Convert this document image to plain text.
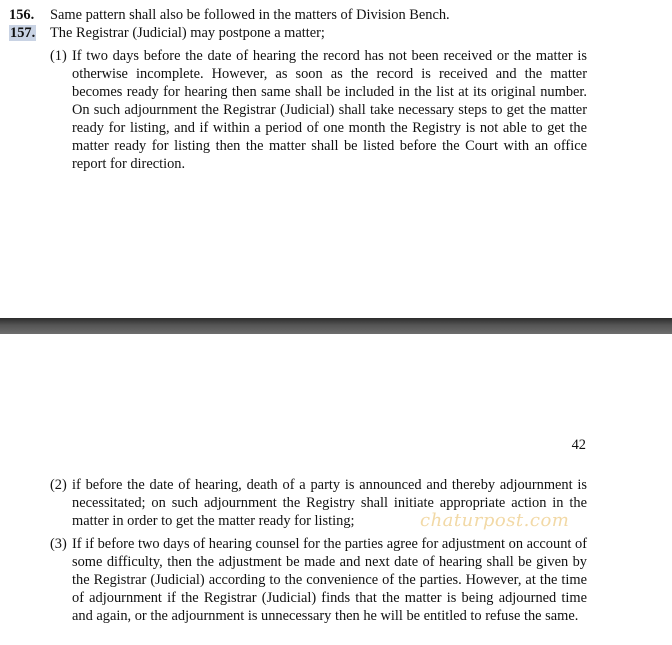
156. Same pattern shall also be followed in the matters of Division Bench.
157. The Registrar (Judicial) may postpone a matter;
(1) If two days before the date of hearing the record has not been received or the matter is otherwise incomplete. However, as soon as the record is received and the matter becomes ready for hearing then same shall be included in the list at its original number. On such adjournment the Registrar (Judicial) shall take necessary steps to get the matter ready for listing, and if within a period of one month the Registry is not able to get the matter ready for listing then the matter shall be listed before the Court with an office report for direction.
42
(2) if before the date of hearing, death of a party is announced and thereby adjournment is necessitated; on such adjournment the Registry shall initiate appropriate action in the matter in order to get the matter ready for listing;	chaturpost.com
(3) If if before two days of hearing counsel for the parties agree for adjustment on account of some difficulty, then the adjustment be made and next date of hearing shall be given by the Registrar (Judicial) according to the convenience of the parties. However, at the time of adjournment if the Registrar (Judicial) finds that the matter is being adjourned time and again, or the adjournment is unnecessary then he will be entitled to refuse the same.
